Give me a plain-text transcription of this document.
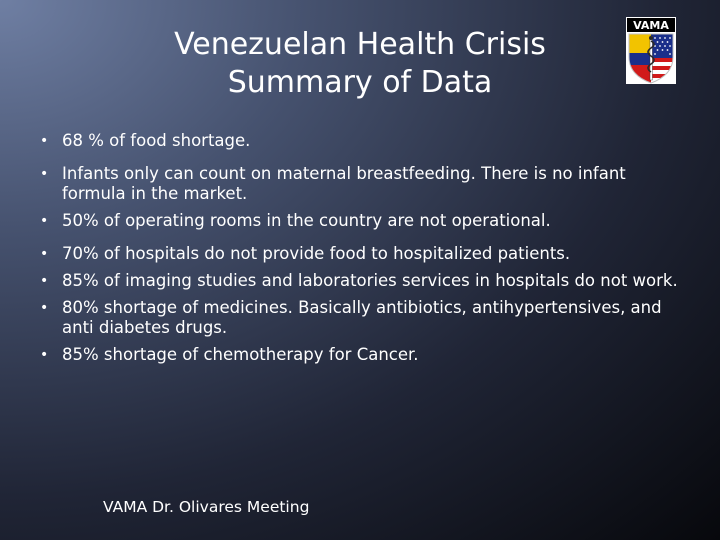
Venezuelan Health Crisis
Summary of Data
VAMA
• 68 % of food shortage.
• Infants only can count on maternal breastfeeding. There is no infant formula in the market.
• 50% of operating rooms in the country are not operational.
• 70% of hospitals do not provide food to hospitalized patients.
• 85% of imaging studies and laboratories services in hospitals do not work.
• 80% shortage of medicines. Basically antibiotics, antihypertensives, and anti diabetes drugs.
• 85% shortage of chemotherapy for Cancer.
VAMA Dr. Olivares Meeting
